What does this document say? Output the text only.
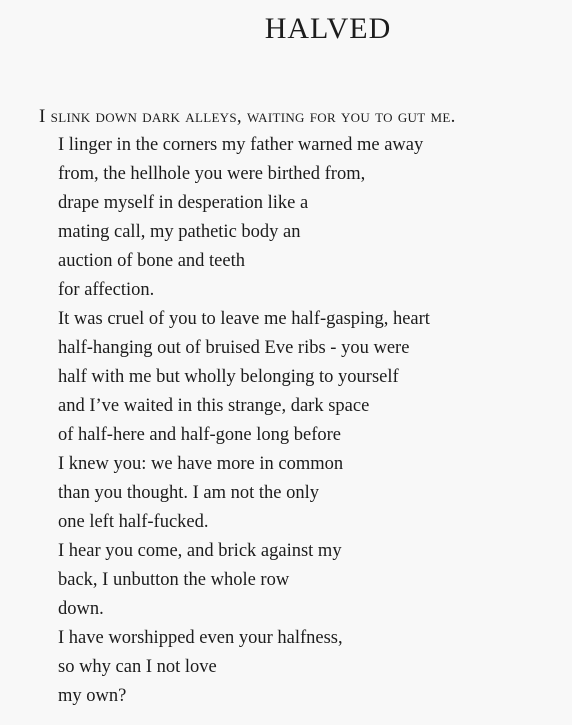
HALVED
I slink down dark alleys, waiting for you to gut me.
I linger in the corners my father warned me away
from, the hellhole you were birthed from,
drape myself in desperation like a
mating call, my pathetic body an
auction of bone and teeth
for affection.
It was cruel of you to leave me half-gasping, heart
half-hanging out of bruised Eve ribs - you were
half with me but wholly belonging to yourself
and I’ve waited in this strange, dark space
of half-here and half-gone long before
I knew you: we have more in common
than you thought. I am not the only
one left half-fucked.
I hear you come, and brick against my
back, I unbutton the whole row
down.
I have worshipped even your halfness,
so why can I not love
my own?
